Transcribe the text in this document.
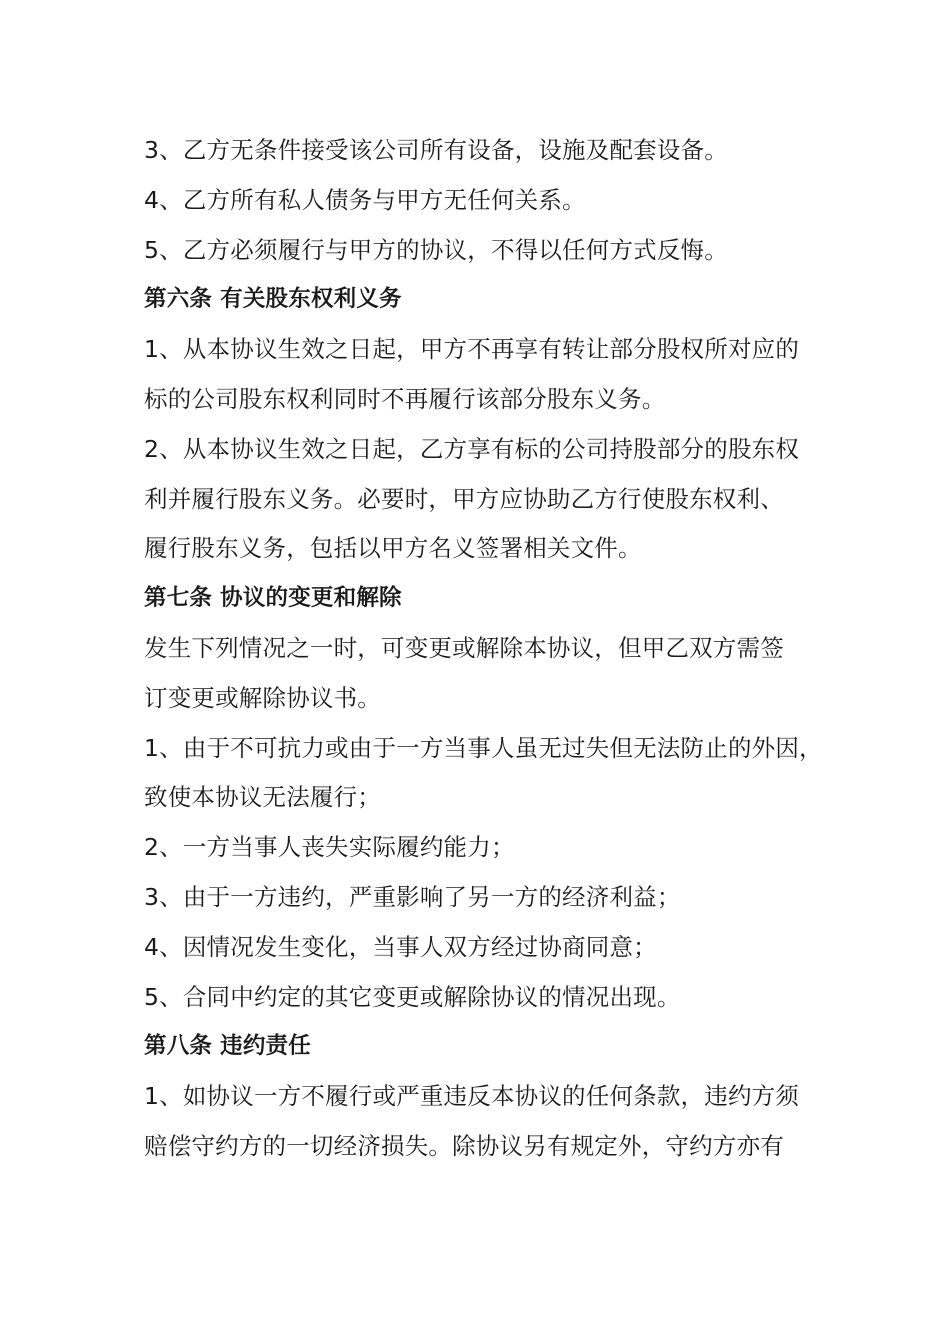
3、乙方无条件接受该公司所有设备，设施及配套设备。
4、乙方所有私人债务与甲方无任何关系。
5、乙方必须履行与甲方的协议，不得以任何方式反悔。
第六条 有关股东权利义务
1、从本协议生效之日起，甲方不再享有转让部分股权所对应的
标的公司股东权利同时不再履行该部分股东义务。
2、从本协议生效之日起，乙方享有标的公司持股部分的股东权
利并履行股东义务。必要时，甲方应协助乙方行使股东权利、
履行股东义务，包括以甲方名义签署相关文件。
第七条 协议的变更和解除
发生下列情况之一时，可变更或解除本协议，但甲乙双方需签
订变更或解除协议书。
1、由于不可抗力或由于一方当事人虽无过失但无法防止的外因，
致使本协议无法履行；
2、一方当事人丧失实际履约能力；
3、由于一方违约，严重影响了另一方的经济利益；
4、因情况发生变化，当事人双方经过协商同意；
5、合同中约定的其它变更或解除协议的情况出现。
第八条 违约责任
1、如协议一方不履行或严重违反本协议的任何条款，违约方须
赔偿守约方的一切经济损失。除协议另有规定外，守约方亦有
